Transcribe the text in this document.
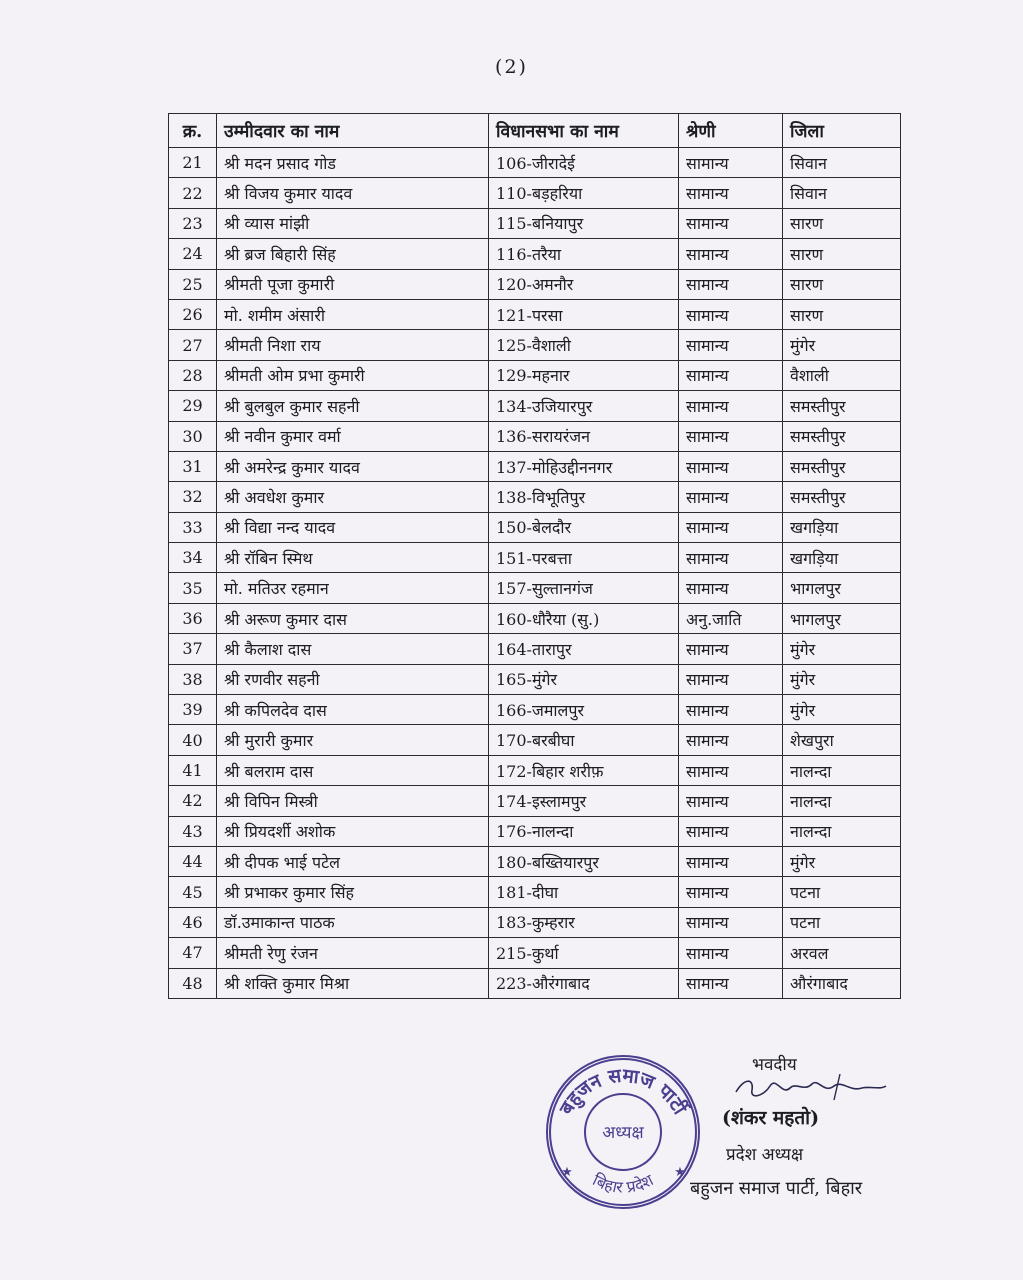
(2)
क्र.	उम्मीदवार का नाम	विधानसभा का नाम	श्रेणी	जिला
21	श्री मदन प्रसाद गोड	106-जीरादेई	सामान्य	सिवान
22	श्री विजय कुमार यादव	110-बड़हरिया	सामान्य	सिवान
23	श्री व्यास मांझी	115-बनियापुर	सामान्य	सारण
24	श्री ब्रज बिहारी सिंह	116-तरैया	सामान्य	सारण
25	श्रीमती पूजा कुमारी	120-अमनौर	सामान्य	सारण
26	मो. शमीम अंसारी	121-परसा	सामान्य	सारण
27	श्रीमती निशा राय	125-वैशाली	सामान्य	मुंगेर
28	श्रीमती ओम प्रभा कुमारी	129-महनार	सामान्य	वैशाली
29	श्री बुलबुल कुमार सहनी	134-उजियारपुर	सामान्य	समस्तीपुर
30	श्री नवीन कुमार वर्मा	136-सरायरंजन	सामान्य	समस्तीपुर
31	श्री अमरेन्द्र कुमार यादव	137-मोहिउद्दीननगर	सामान्य	समस्तीपुर
32	श्री अवधेश कुमार	138-विभूतिपुर	सामान्य	समस्तीपुर
33	श्री विद्या नन्द यादव	150-बेलदौर	सामान्य	खगड़िया
34	श्री रॉबिन स्मिथ	151-परबत्ता	सामान्य	खगड़िया
35	मो. मतिउर रहमान	157-सुल्तानगंज	सामान्य	भागलपुर
36	श्री अरूण कुमार दास	160-धौरैया (सु.)	अनु.जाति	भागलपुर
37	श्री कैलाश दास	164-तारापुर	सामान्य	मुंगेर
38	श्री रणवीर सहनी	165-मुंगेर	सामान्य	मुंगेर
39	श्री कपिलदेव दास	166-जमालपुर	सामान्य	मुंगेर
40	श्री मुरारी कुमार	170-बरबीघा	सामान्य	शेखपुरा
41	श्री बलराम दास	172-बिहार शरीफ़	सामान्य	नालन्दा
42	श्री विपिन मिस्त्री	174-इस्लामपुर	सामान्य	नालन्दा
43	श्री प्रियदर्शी अशोक	176-नालन्दा	सामान्य	नालन्दा
44	श्री दीपक भाई पटेल	180-बख्तियारपुर	सामान्य	मुंगेर
45	श्री प्रभाकर कुमार सिंह	181-दीघा	सामान्य	पटना
46	डॉ.उमाकान्त पाठक	183-कुम्हरार	सामान्य	पटना
47	श्रीमती रेणु रंजन	215-कुर्था	सामान्य	अरवल
48	श्री शक्ति कुमार मिश्रा	223-औरंगाबाद	सामान्य	औरंगाबाद
बहुजन समाज पार्टी
बिहार प्रदेश
अध्यक्ष
★	★
भवदीय
(शंकर महतो)
प्रदेश अध्यक्ष
बहुजन समाज पार्टी, बिहार
